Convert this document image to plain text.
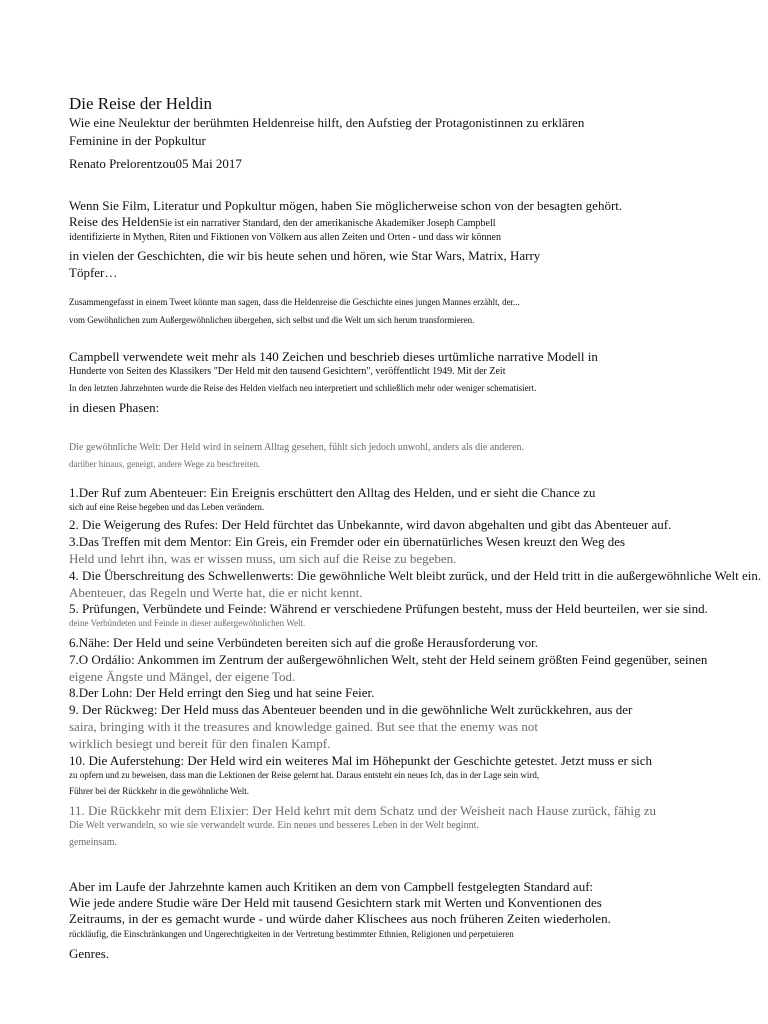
Die Reise der Heldin
Wie eine Neulektur der berühmten Heldenreise hilft, den Aufstieg der Protagonistinnen zu erklären
Feminine in der Popkultur
Renato Prelorentzou05 Mai 2017
Wenn Sie Film, Literatur und Popkultur mögen, haben Sie möglicherweise schon von der besagten gehört.
Reise des HeldenSie ist ein narrativer Standard, den der amerikanische Akademiker Joseph Campbell
identifizierte in Mythen, Riten und Fiktionen von Völkern aus allen Zeiten und Orten - und dass wir können
in vielen der Geschichten, die wir bis heute sehen und hören, wie Star Wars, Matrix, Harry
Töpfer…
Zusammengefasst in einem Tweet könnte man sagen, dass die Heldenreise die Geschichte eines jungen Mannes erzählt, der...
vom Gewöhnlichen zum Außergewöhnlichen übergehen, sich selbst und die Welt um sich herum transformieren.
Campbell verwendete weit mehr als 140 Zeichen und beschrieb dieses urtümliche narrative Modell in
Hunderte von Seiten des Klassikers "Der Held mit den tausend Gesichtern", veröffentlicht 1949. Mit der Zeit
In den letzten Jahrzehnten wurde die Reise des Helden vielfach neu interpretiert und schließlich mehr oder weniger schematisiert.
in diesen Phasen:
Die gewöhnliche Welt: Der Held wird in seinem Alltag gesehen, fühlt sich jedoch unwohl, anders als die anderen.
darüber hinaus, geneigt, andere Wege zu beschreiten.
1.Der Ruf zum Abenteuer: Ein Ereignis erschüttert den Alltag des Helden, und er sieht die Chance zu
sich auf eine Reise begeben und das Leben verändern.
2. Die Weigerung des Rufes: Der Held fürchtet das Unbekannte, wird davon abgehalten und gibt das Abenteuer auf.
3.Das Treffen mit dem Mentor: Ein Greis, ein Fremder oder ein übernatürliches Wesen kreuzt den Weg des
Held und lehrt ihn, was er wissen muss, um sich auf die Reise zu begeben.
4. Die Überschreitung des Schwellenwerts: Die gewöhnliche Welt bleibt zurück, und der Held tritt in die außergewöhnliche Welt ein.
Abenteuer, das Regeln und Werte hat, die er nicht kennt.
5. Prüfungen, Verbündete und Feinde: Während er verschiedene Prüfungen besteht, muss der Held beurteilen, wer sie sind.
deine Verbündeten und Feinde in dieser außergewöhnlichen Welt.
6.Nähe: Der Held und seine Verbündeten bereiten sich auf die große Herausforderung vor.
7.O Ordálio: Ankommen im Zentrum der außergewöhnlichen Welt, steht der Held seinem größten Feind gegenüber, seinen
eigene Ängste und Mängel, der eigene Tod.
8.Der Lohn: Der Held erringt den Sieg und hat seine Feier.
9. Der Rückweg: Der Held muss das Abenteuer beenden und in die gewöhnliche Welt zurückkehren, aus der
saira, bringing with it the treasures and knowledge gained. But see that the enemy was not
wirklich besiegt und bereit für den finalen Kampf.
10. Die Auferstehung: Der Held wird ein weiteres Mal im Höhepunkt der Geschichte getestet. Jetzt muss er sich
zu opfern und zu beweisen, dass man die Lektionen der Reise gelernt hat. Daraus entsteht ein neues Ich, das in der Lage sein wird,
Führer bei der Rückkehr in die gewöhnliche Welt.
11. Die Rückkehr mit dem Elixier: Der Held kehrt mit dem Schatz und der Weisheit nach Hause zurück, fähig zu
Die Welt verwandeln, so wie sie verwandelt wurde. Ein neues und besseres Leben in der Welt beginnt.
gemeinsam.
Aber im Laufe der Jahrzehnte kamen auch Kritiken an dem von Campbell festgelegten Standard auf:
Wie jede andere Studie wäre Der Held mit tausend Gesichtern stark mit Werten und Konventionen des
Zeitraums, in der es gemacht wurde - und würde daher Klischees aus noch früheren Zeiten wiederholen.
rückläufig, die Einschränkungen und Ungerechtigkeiten in der Vertretung bestimmter Ethnien, Religionen und perpetuieren
Genres.
